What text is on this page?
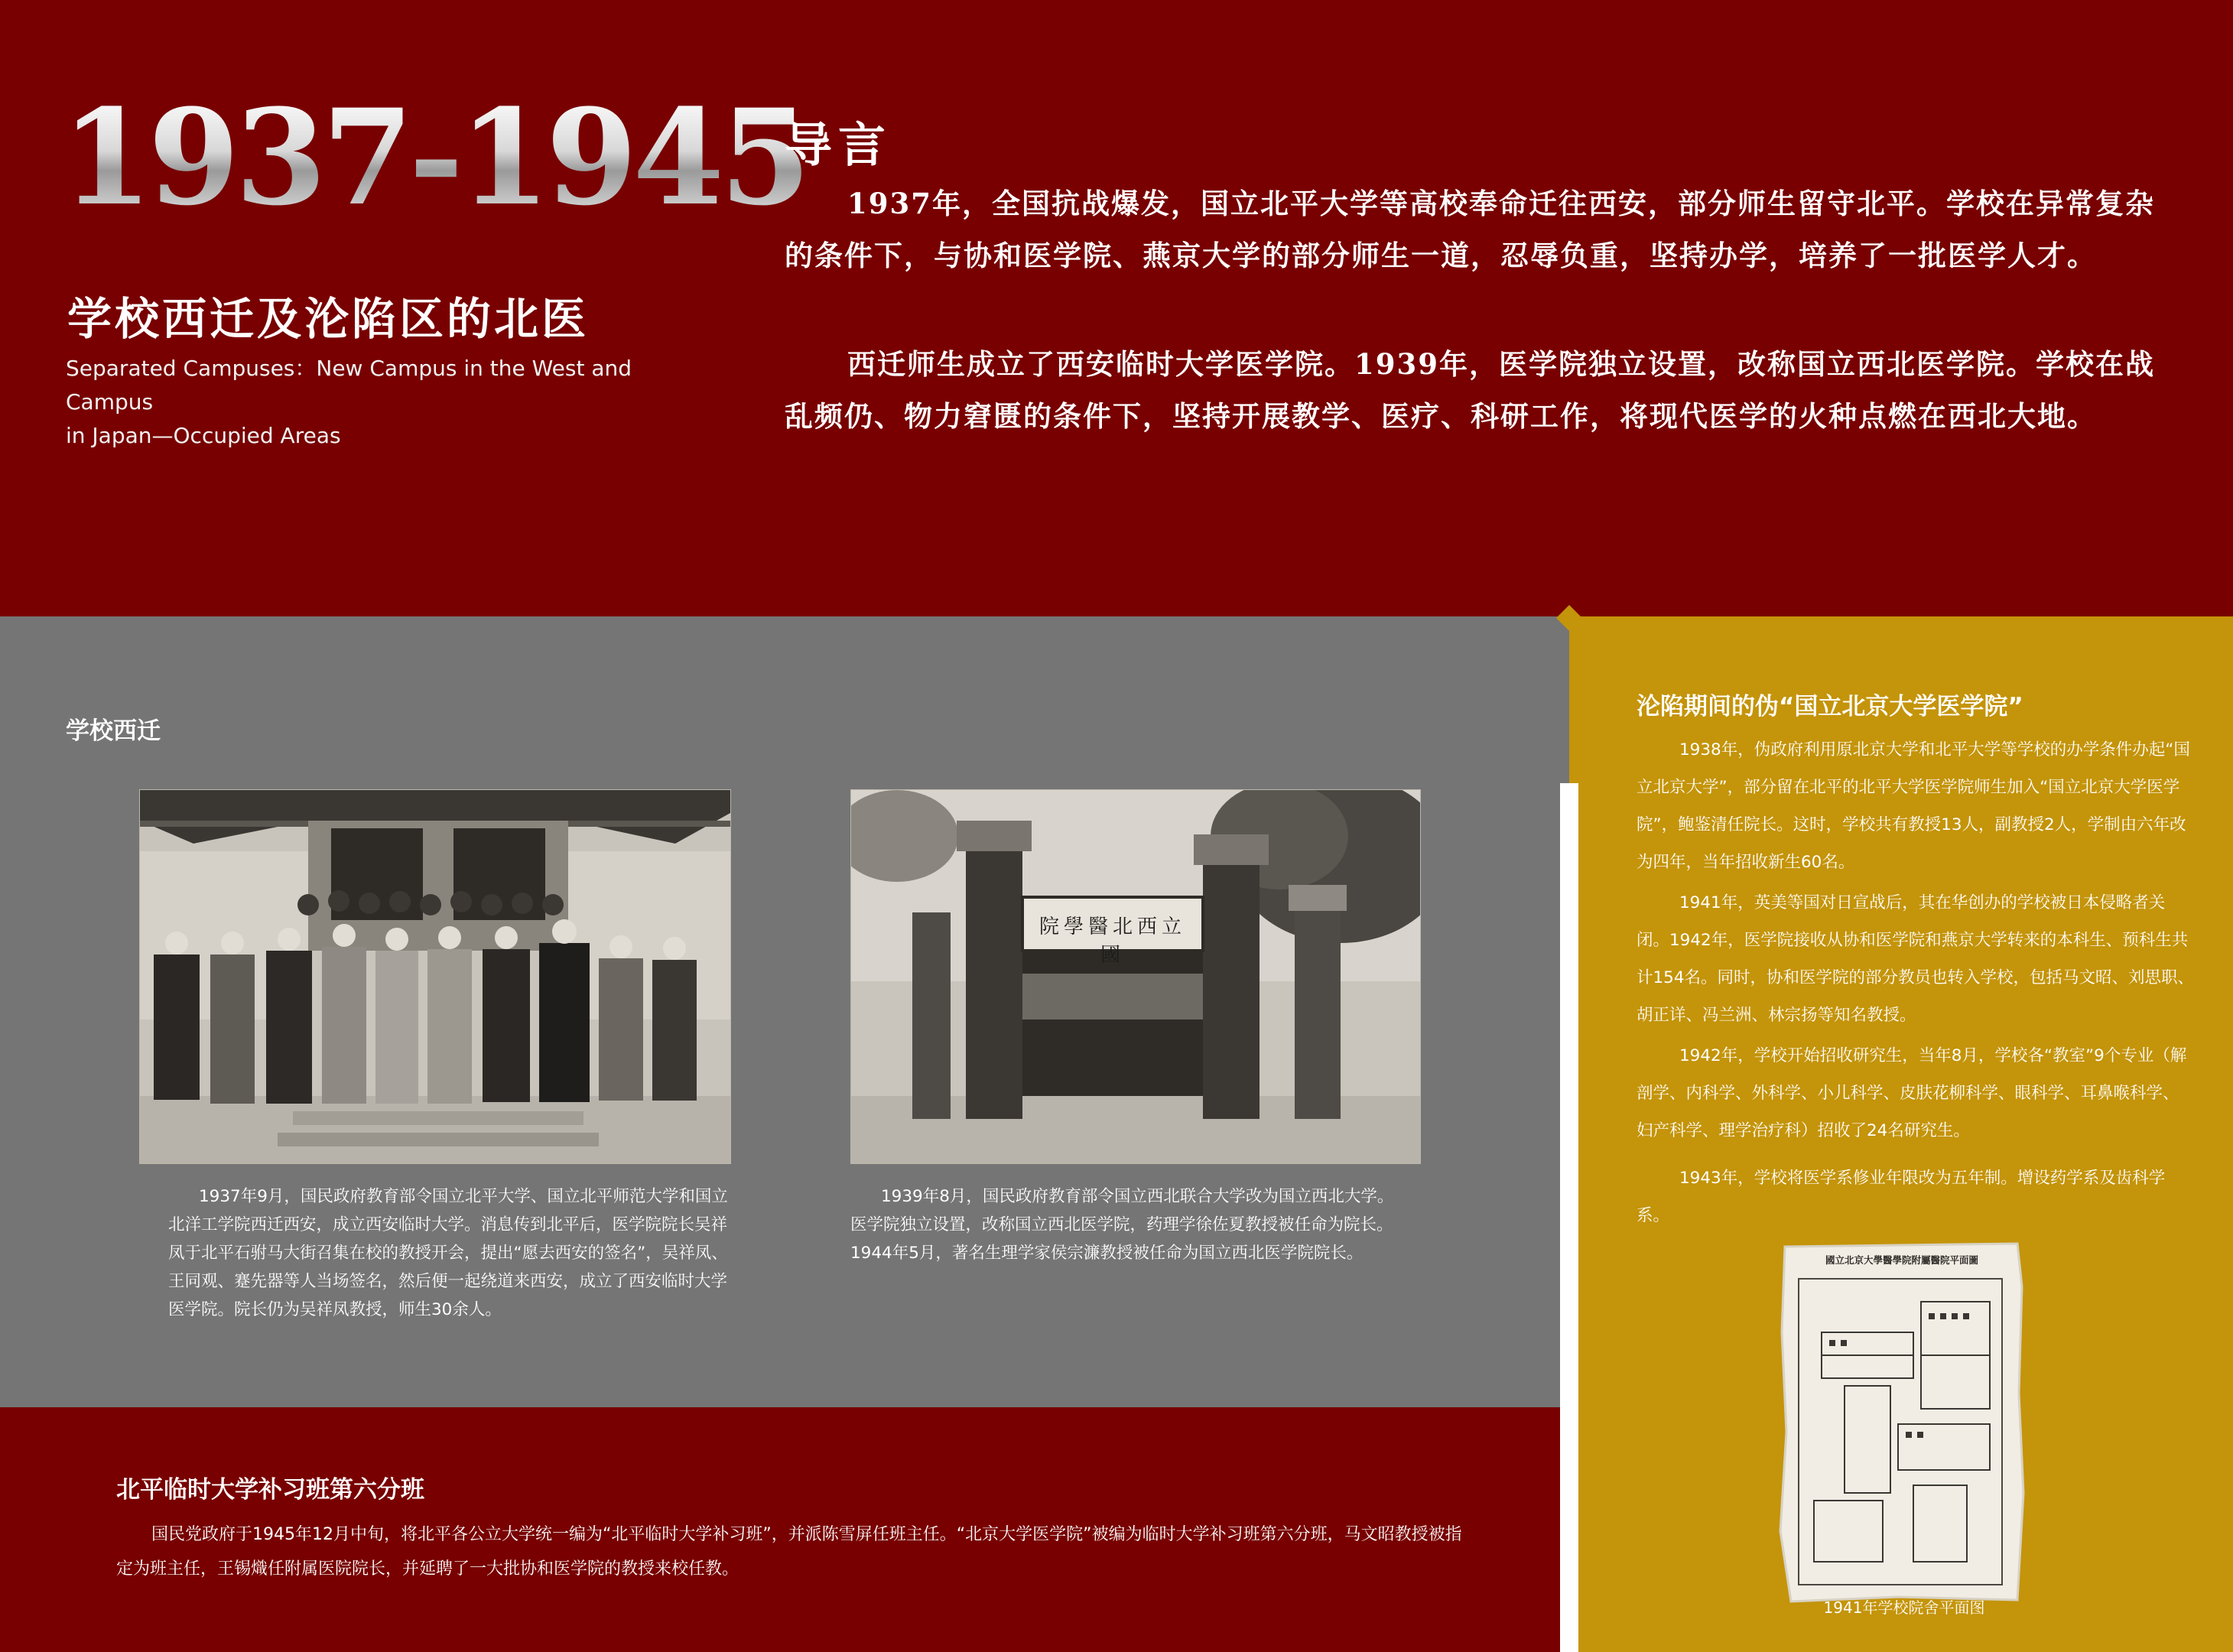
1937-1945
学校西迁及沦陷区的北医
Separated Campuses：New Campus in the West and Campus
in Japan—Occupied Areas
导言
1937年，全国抗战爆发，国立北平大学等高校奉命迁往西安，部分师生留守北平。学校在异常复杂的条件下，与协和医学院、燕京大学的部分师生一道，忍辱负重，坚持办学，培养了一批医学人才。
西迁师生成立了西安临时大学医学院。1939年，医学院独立设置，改称国立西北医学院。学校在战乱频仍、物力窘匮的条件下，坚持开展教学、医疗、科研工作，将现代医学的火种点燃在西北大地。
学校西迁
院學醫北西立國
1937年9月，国民政府教育部令国立北平大学、国立北平师范大学和国立北洋工学院西迁西安，成立西安临时大学。消息传到北平后，医学院院长吴祥凤于北平石驸马大街召集在校的教授开会，提出“愿去西安的签名”，吴祥凤、王同观、蹇先器等人当场签名，然后便一起绕道来西安，成立了西安临时大学医学院。院长仍为吴祥凤教授，师生30余人。
1939年8月，国民政府教育部令国立西北联合大学改为国立西北大学。
医学院独立设置，改称国立西北医学院，药理学徐佐夏教授被任命为院长。
1944年5月，著名生理学家侯宗濂教授被任命为国立西北医学院院长。
北平临时大学补习班第六分班
国民党政府于1945年12月中旬，将北平各公立大学统一编为“北平临时大学补习班”，并派陈雪屏任班主任。“北京大学医学院”被编为临时大学补习班第六分班，马文昭教授被指定为班主任，王锡熾任附属医院院长，并延聘了一大批协和医学院的教授来校任教。
沦陷期间的伪“国立北京大学医学院”
1938年，伪政府利用原北京大学和北平大学等学校的办学条件办起“国立北京大学”，部分留在北平的北平大学医学院师生加入“国立北京大学医学院”，鲍鉴清任院长。这时，学校共有教授13人，副教授2人，学制由六年改为四年，当年招收新生60名。
1941年，英美等国对日宣战后，其在华创办的学校被日本侵略者关闭。1942年，医学院接收从协和医学院和燕京大学转来的本科生、预科生共计154名。同时，协和医学院的部分教员也转入学校，包括马文昭、刘思职、胡正详、冯兰洲、林宗扬等知名教授。
1942年，学校开始招收研究生，当年8月，学校各“教室”9个专业（解剖学、内科学、外科学、小儿科学、皮肤花柳科学、眼科学、耳鼻喉科学、妇产科学、理学治疗科）招收了24名研究生。
1943年，学校将医学系修业年限改为五年制。增设药学系及齿科学系。
國立北京大學醫學院附屬醫院平面圖
1941年学校院舍平面图
